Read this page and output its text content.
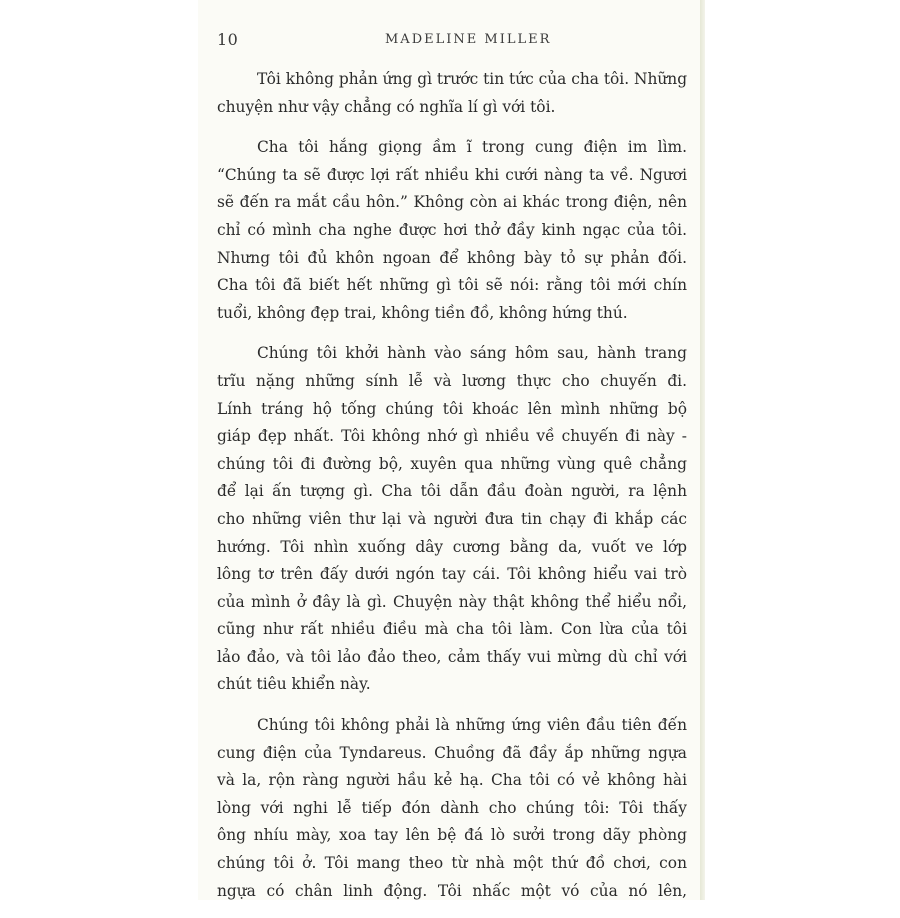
10	MADELINE MILLER

Tôi không phản ứng gì trước tin tức của cha tôi. Những
chuyện như vậy chẳng có nghĩa lí gì với tôi.

Cha tôi hắng giọng ầm ĩ trong cung điện im lìm.
“Chúng ta sẽ được lợi rất nhiều khi cưới nàng ta về. Ngươi
sẽ đến ra mắt cầu hôn.” Không còn ai khác trong điện, nên
chỉ có mình cha nghe được hơi thở đầy kinh ngạc của tôi.
Nhưng tôi đủ khôn ngoan để không bày tỏ sự phản đối.
Cha tôi đã biết hết những gì tôi sẽ nói: rằng tôi mới chín
tuổi, không đẹp trai, không tiền đồ, không hứng thú.

Chúng tôi khởi hành vào sáng hôm sau, hành trang
trĩu nặng những sính lễ và lương thực cho chuyến đi.
Lính tráng hộ tống chúng tôi khoác lên mình những bộ
giáp đẹp nhất. Tôi không nhớ gì nhiều về chuyến đi này -
chúng tôi đi đường bộ, xuyên qua những vùng quê chẳng
để lại ấn tượng gì. Cha tôi dẫn đầu đoàn người, ra lệnh
cho những viên thư lại và người đưa tin chạy đi khắp các
hướng. Tôi nhìn xuống dây cương bằng da, vuốt ve lớp
lông tơ trên đấy dưới ngón tay cái. Tôi không hiểu vai trò
của mình ở đây là gì. Chuyện này thật không thể hiểu nổi,
cũng như rất nhiều điều mà cha tôi làm. Con lừa của tôi
lảo đảo, và tôi lảo đảo theo, cảm thấy vui mừng dù chỉ với
chút tiêu khiển này.

Chúng tôi không phải là những ứng viên đầu tiên đến
cung điện của Tyndareus. Chuồng đã đầy ắp những ngựa
và la, rộn ràng người hầu kẻ hạ. Cha tôi có vẻ không hài
lòng với nghi lễ tiếp đón dành cho chúng tôi: Tôi thấy
ông nhíu mày, xoa tay lên bệ đá lò sưởi trong dãy phòng
chúng tôi ở. Tôi mang theo từ nhà một thứ đồ chơi, con
ngựa có chân linh động. Tôi nhấc một vó của nó lên,
